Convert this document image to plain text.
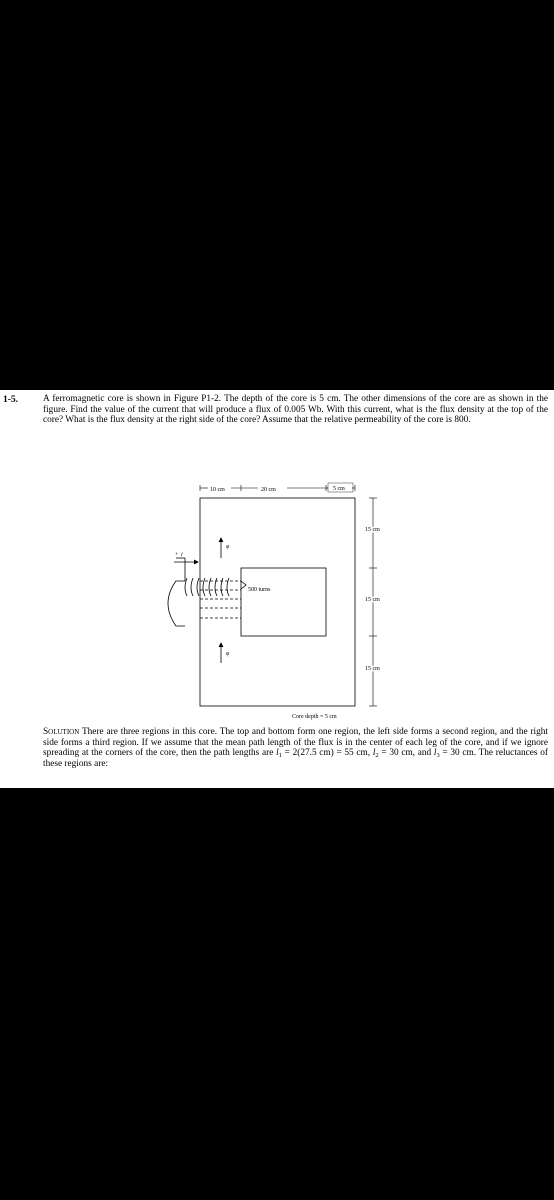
1-5.	A ferromagnetic core is shown in Figure P1-2. The depth of the core is 5 cm. The other dimensions of the core are as shown in the figure. Find the value of the current that will produce a flux of 0.005 Wb. With this current, what is the flux density at the top of the core? What is the flux density at the right side of the core? Assume that the relative permeability of the core is 800.
10 cm	20 cm	5 cm
15 cm
15 cm
15 cm
+ i
φ
φ
500 turns
Core depth = 5 cm
Solution There are three regions in this core. The top and bottom form one region, the left side forms a second region, and the right side forms a third region. If we assume that the mean path length of the flux is in the center of each leg of the core, and if we ignore spreading at the corners of the core, then the path lengths are $l_1 = 2(27.5$ cm) = 55 cm, $l_2 = 30$ cm, and $l_3 = 30$ cm. The reluctances of these regions are:
